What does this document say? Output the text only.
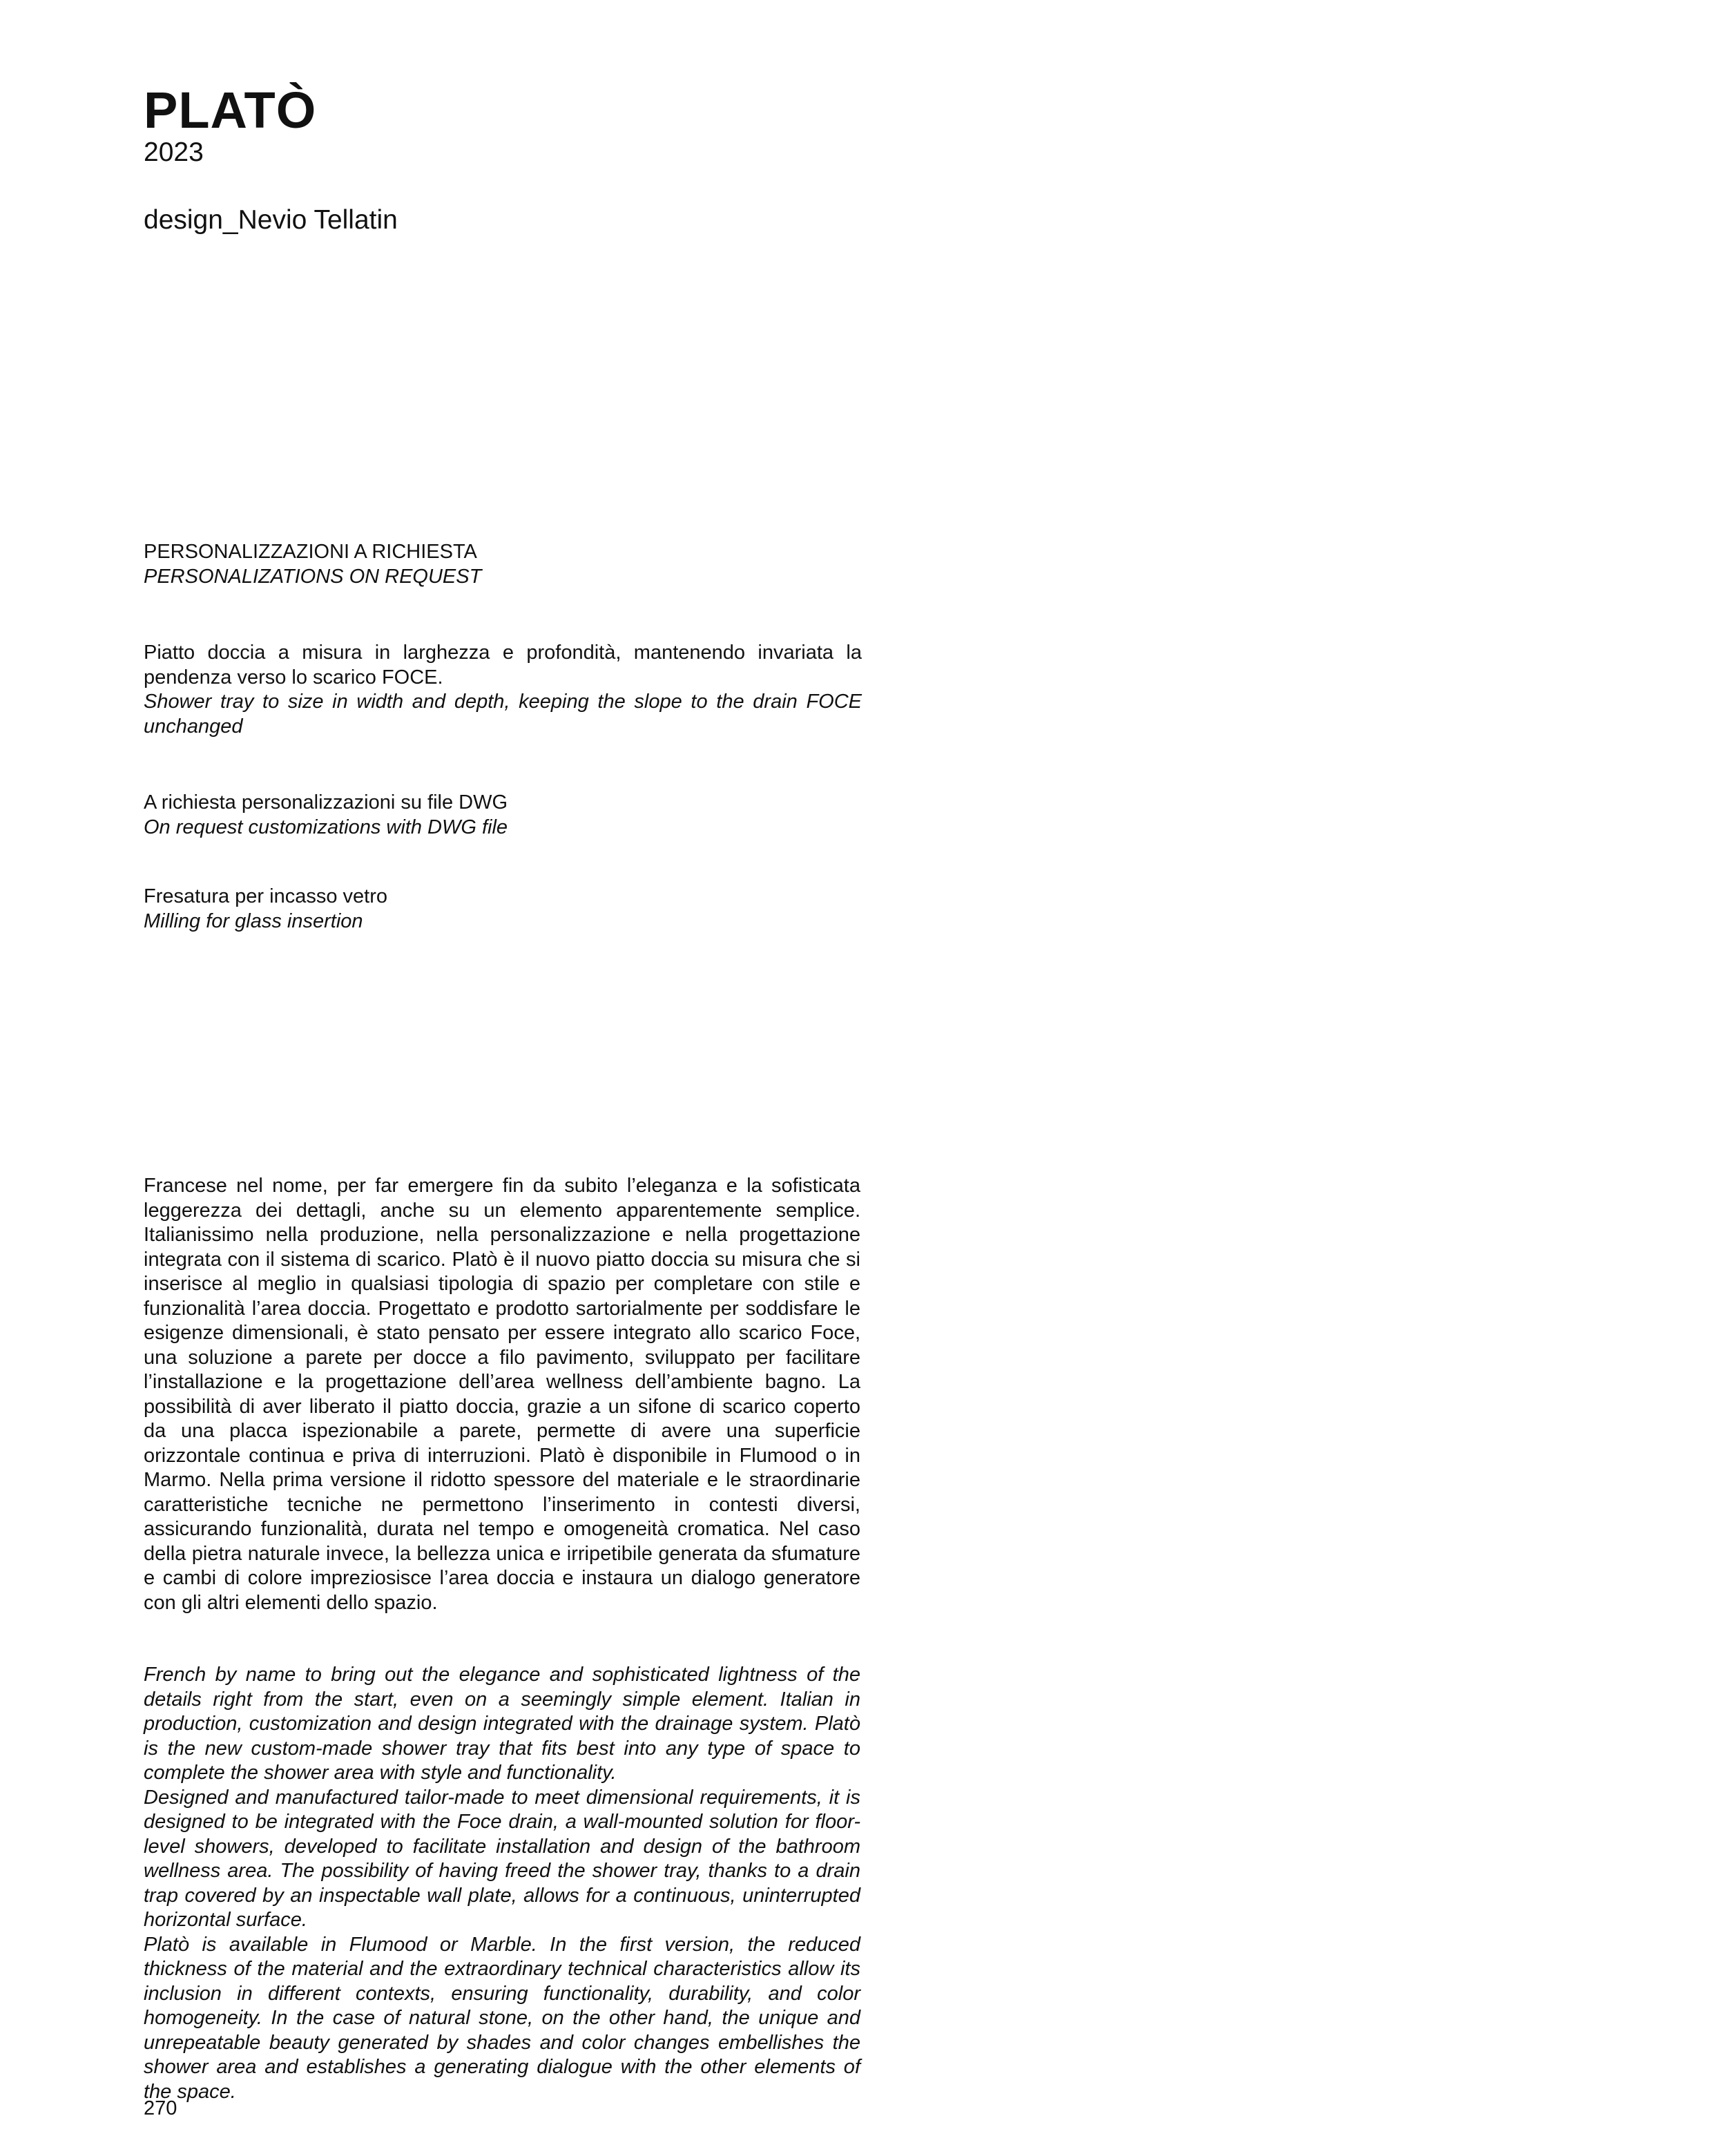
PLATÒ
2023
design_Nevio Tellatin

PERSONALIZZAZIONI A RICHIESTA

PERSONALIZATIONS ON REQUEST

Piatto doccia a misura in larghezza e profondità, mantenendo invariata la pendenza verso lo scarico FOCE.

Shower tray to size in width and depth, keeping the slope to the drain FOCE unchanged

A richiesta personalizzazioni su file DWG

On request customizations with DWG file

Fresatura per incasso vetro

Milling for glass insertion

Francese nel nome, per far emergere fin da subito l’eleganza e la sofisticata leggerezza dei dettagli, anche su un elemento apparentemente semplice. Italianissimo nella produzione, nella personalizzazione e nella progettazione integrata con il sistema di scarico. Platò è il nuovo piatto doccia su misura che si inserisce al meglio in qualsiasi tipologia di spazio per completare con stile e funzionalità l’area doccia. Progettato e prodotto sartorialmente per soddisfare le esigenze dimensionali, è stato pensato per essere integrato allo scarico Foce, una soluzione a parete per docce a filo pavimento, sviluppato per facilitare l’installazione e la progettazione dell’area wellness dell’ambiente bagno. La possibilità di aver liberato il piatto doccia, grazie a un sifone di scarico coperto da una placca ispezionabile a parete, permette di avere una superficie orizzontale continua e priva di interruzioni. Platò è disponibile in Flumood o in Marmo. Nella prima versione il ridotto spessore del materiale e le straordinarie caratteristiche tecniche ne permettono l’inserimento in contesti diversi, assicurando funzionalità, durata nel tempo e omogeneità cromatica. Nel caso della pietra naturale invece, la bellezza unica e irripetibile generata da sfumature e cambi di colore impreziosisce l’area doccia e instaura un dialogo generatore con gli altri elementi dello spazio.

French by name to bring out the elegance and sophisticated lightness of the details right from the start, even on a seemingly simple element. Italian in production, customization and design integrated with the drainage system. Platò is the new custom-made shower tray that fits best into any type of space to complete the shower area with style and functionality.

Designed and manufactured tailor-made to meet dimensional requirements, it is designed to be integrated with the Foce drain, a wall-mounted solution for floor-level showers, developed to facilitate installation and design of the bathroom wellness area. The possibility of having freed the shower tray, thanks to a drain trap covered by an inspectable wall plate, allows for a continuous, uninterrupted horizontal surface.

Platò is available in Flumood or Marble. In the first version, the reduced thickness of the material and the extraordinary technical characteristics allow its inclusion in different contexts, ensuring functionality, durability, and color homogeneity. In the case of natural stone, on the other hand, the unique and unrepeatable beauty generated by shades and color changes embellishes the shower area and establishes a generating dialogue with the other elements of the space.

270
